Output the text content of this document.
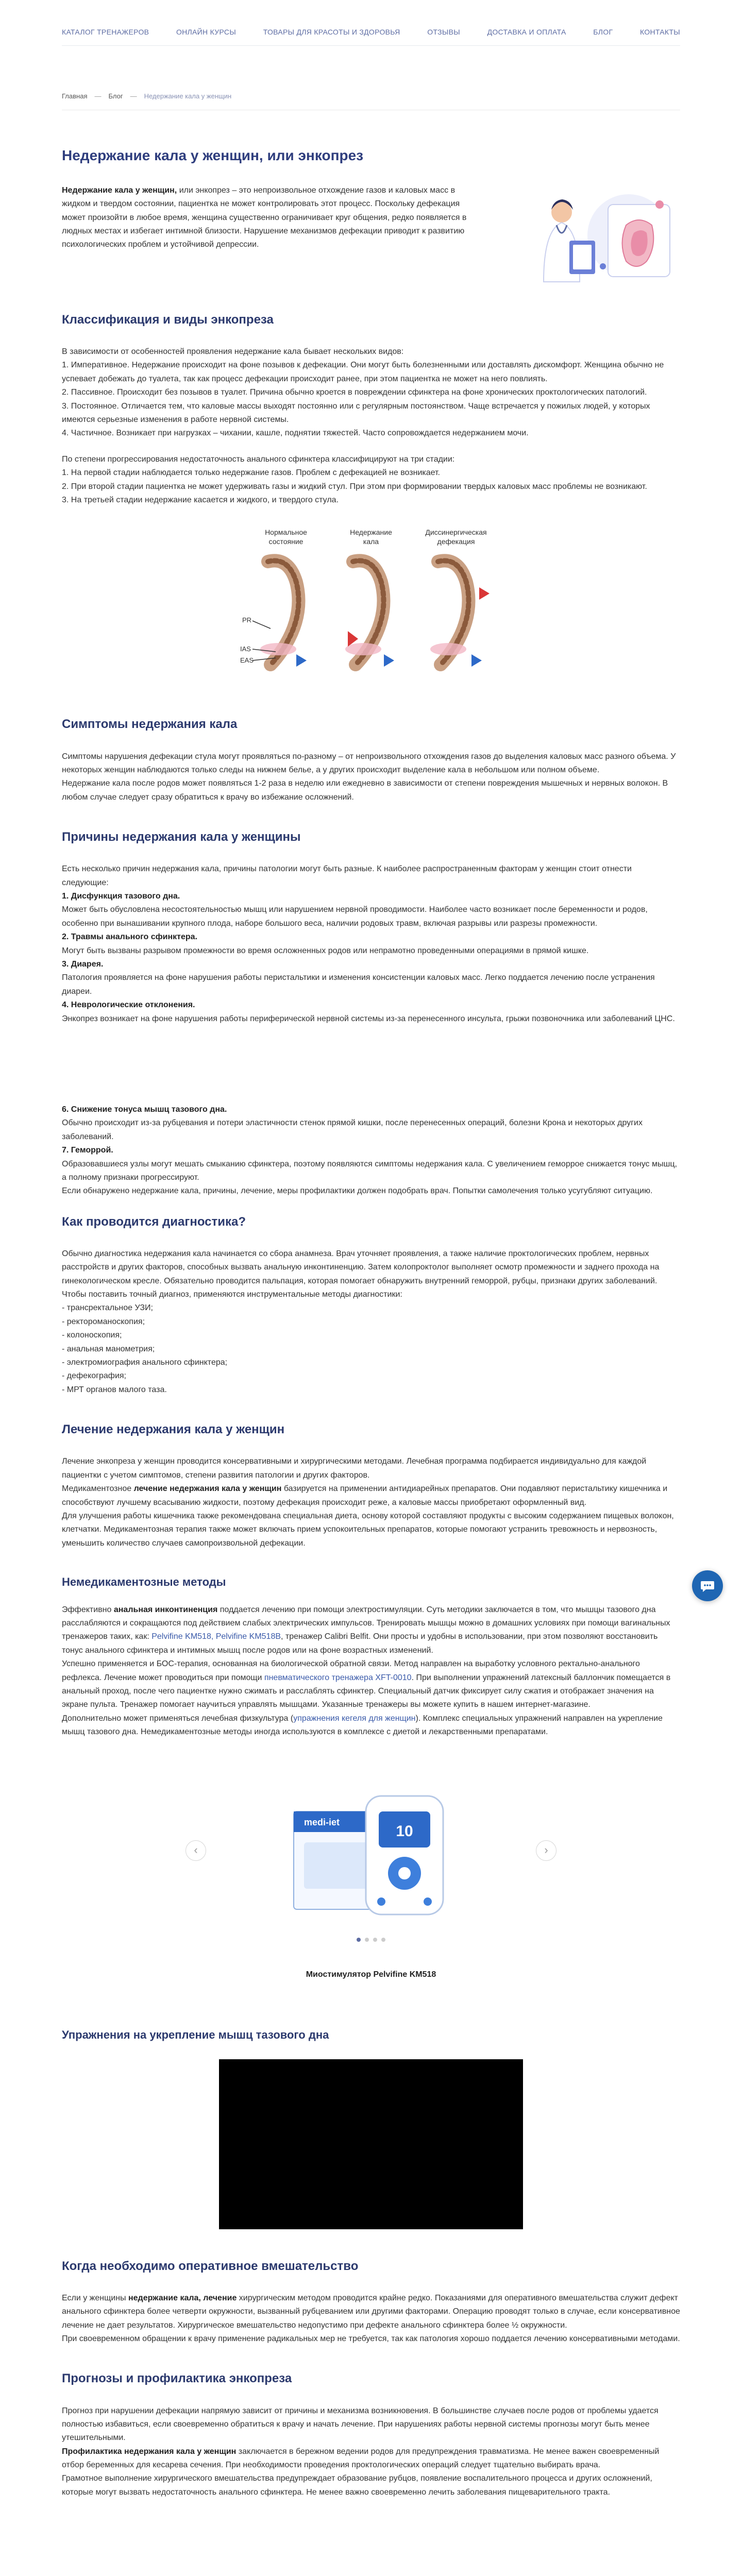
КАТАЛОГ ТРЕНАЖЕРОВ	ОНЛАЙН КУРСЫ	ТОВАРЫ ДЛЯ КРАСОТЫ И ЗДОРОВЬЯ	ОТЗЫВЫ	ДОСТАВКА И ОПЛАТА	БЛОГ	КОНТАКТЫ
Главная — Блог — Недержание кала у женщин
Недержание кала у женщин, или энкопрез

Недержание кала у женщин, или энкопрез – это непроизвольное отхождение газов и каловых масс в жидком и твердом состоянии, пациентка не может контролировать этот процесс. Поскольку дефекация может произойти в любое время, женщина существенно ограничивает круг общения, редко появляется в людных местах и избегает интимной близости. Нарушение механизмов дефекации приводит к развитию психологических проблем и устойчивой депрессии.

Классификация и виды энкопреза

В зависимости от особенностей проявления недержание кала бывает нескольких видов:

1. Императивное. Недержание происходит на фоне позывов к дефекации. Они могут быть болезненными или доставлять дискомфорт. Женщина обычно не успевает добежать до туалета, так как процесс дефекации происходит ранее, при этом пациентка не может на него повлиять.

2. Пассивное. Происходит без позывов в туалет. Причина обычно кроется в повреждении сфинктера на фоне хронических проктологических патологий.

3. Постоянное. Отличается тем, что каловые массы выходят постоянно или с регулярным постоянством. Чаще встречается у пожилых людей, у которых имеются серьезные изменения в работе нервной системы.

4. Частичное. Возникает при нагрузках – чихании, кашле, поднятии тяжестей. Часто сопровождается недержанием мочи.

По степени прогрессирования недостаточность анального сфинктера классифицируют на три стадии:

1. На первой стадии наблюдается только недержание газов. Проблем с дефекацией не возникает.

2. При второй стадии пациентка не может удерживать газы и жидкий стул. При этом при формировании твердых каловых масс проблемы не возникают.

3. На третьей стадии недержание касается и жидкого, и твердого стула.

Нормальное
состояние
Недержание
кала
Диссинергическая
дефекация
PR
IAS
EAS
Симптомы недержания кала

Симптомы нарушения дефекации стула могут проявляться по-разному – от непроизвольного отхождения газов до выделения каловых масс разного объема. У некоторых женщин наблюдаются только следы на нижнем белье, а у других происходит выделение кала в небольшом или полном объеме.

Недержание кала после родов может появляться 1-2 раза в неделю или ежедневно в зависимости от степени повреждения мышечных и нервных волокон. В любом случае следует сразу обратиться к врачу во избежание осложнений.

Причины недержания кала у женщины

Есть несколько причин недержания кала, причины патологии могут быть разные. К наиболее распространенным факторам у женщин стоит отнести следующие:

1. Дисфункция тазового дна.

Может быть обусловлена несостоятельностью мышц или нарушением нервной проводимости. Наиболее часто возникает после беременности и родов, особенно при вынашивании крупного плода, наборе большого веса, наличии родовых травм, включая разрывы или разрезы промежности.

2. Травмы анального сфинктера.

Могут быть вызваны разрывом промежности во время осложненных родов или непрамотно проведенными операциями в прямой кишке.

3. Диарея.

Патология проявляется на фоне нарушения работы перистальтики и изменения консистенции каловых масс. Легко поддается лечению после устранения диареи.

4. Неврологические отклонения.

Энкопрез возникает на фоне нарушения работы периферической нервной системы из-за перенесенного инсульта, грыжи позвоночника или заболеваний ЦНС.

6. Снижение тонуса мышц тазового дна.

Обычно происходит из-за рубцевания и потери эластичности стенок прямой кишки, после перенесенных операций, болезни Крона и некоторых других заболеваний.

7. Геморрой.

Образовавшиеся узлы могут мешать смыканию сфинктера, поэтому появляются симптомы недержания кала. С увеличением геморрое снижается тонус мышц, а полному признаки прогрессируют.

Если обнаружено недержание кала, причины, лечение, меры профилактики должен подобрать врач. Попытки самолечения только усугубляют ситуацию.

Как проводится диагностика?

Обычно диагностика недержания кала начинается со сбора анамнеза. Врач уточняет проявления, а также наличие проктологических проблем, нервных расстройств и других факторов, способных вызвать анальную инконтиненцию. Затем колопроктолог выполняет осмотр промежности и заднего прохода на гинекологическом кресле. Обязательно проводится пальпация, которая помогает обнаружить внутренний геморрой, рубцы, признаки других заболеваний.

Чтобы поставить точный диагноз, применяются инструментальные методы диагностики:

- трансректальное УЗИ;

- ректороманоскопия;

- колоноскопия;

- анальная манометрия;

- электромиография анального сфинктера;

- дефекография;

- МРТ органов малого таза.

Лечение недержания кала у женщин

Лечение энкопреза у женщин проводится консервативными и хирургическими методами. Лечебная программа подбирается индивидуально для каждой пациентки с учетом симптомов, степени развития патологии и других факторов.

Медикаментозное лечение недержания кала у женщин базируется на применении антидиарейных препаратов. Они подавляют перистальтику кишечника и способствуют лучшему всасыванию жидкости, поэтому дефекация происходит реже, а каловые массы приобретают оформленный вид.

Для улучшения работы кишечника также рекомендована специальная диета, основу которой составляют продукты с высоким содержанием пищевых волокон, клетчатки. Медикаментозная терапия также может включать прием успокоительных препаратов, которые помогают устранить тревожность и нервозность, уменьшить количество случаев самопроизвольной дефекации.

Немедикаментозные методы

Эффективно анальная инконтиненция поддается лечению при помощи электростимуляции. Суть методики заключается в том, что мышцы тазового дна расслабляются и сокращаются под действием слабых электрических импульсов. Тренировать мышцы можно в домашних условиях при помощи вагинальных тренажеров таких, как: Pelvifine KM518, Pelvifine KM518B, тренажер Calibri Belfit. Они просты и удобны в использовании, при этом позволяют восстановить тонус анального сфинктера и интимных мышц после родов или на фоне возрастных изменений.

Успешно применяется и БОС-терапия, основанная на биологической обратной связи. Метод направлен на выработку условного ректально-анального рефлекса. Лечение может проводиться при помощи пневматического тренажера XFT-0010. При выполнении упражнений латексный баллончик помещается в анальный проход, после чего пациентке нужно сжимать и расслаблять сфинктер. Специальный датчик фиксирует силу сжатия и отображает значения на экране пульта. Тренажер помогает научиться управлять мышцами. Указанные тренажеры вы можете купить в нашем интернет-магазине.

Дополнительно может применяться лечебная физкультура (упражнения кегеля для женщин). Комплекс специальных упражнений направлен на укрепление мышц тазового дна. Немедикаментозные методы иногда используются в комплексе с диетой и лекарственными препаратами.

‹
medi-iet
10
›

Миостимулятор Pelvifine KM518

Упражнения на укрепление мышц тазового дна
Когда необходимо оперативное вмешательство

Если у женщины недержание кала, лечение хирургическим методом проводится крайне редко. Показаниями для оперативного вмешательства служит дефект анального сфинктера более четверти окружности, вызванный рубцеванием или другими факторами. Операцию проводят только в случае, если консервативное лечение не дает результатов. Хирургическое вмешательство недопустимо при дефекте анального сфинктера более ½ окружности.

При своевременном обращении к врачу применение радикальных мер не требуется, так как патология хорошо поддается лечению консервативными методами.

Прогнозы и профилактика энкопреза

Прогноз при нарушении дефекации напрямую зависит от причины и механизма возникновения. В большинстве случаев после родов от проблемы удается полностью избавиться, если своевременно обратиться к врачу и начать лечение. При нарушениях работы нервной системы прогнозы могут быть менее утешительными.

Профилактика недержания кала у женщин заключается в бережном ведении родов для предупреждения травматизма. Не менее важен своевременный отбор беременных для кесарева сечения. При необходимости проведения проктологических операций следует тщательно выбирать врача.

Грамотное выполнение хирургического вмешательства предупреждает образование рубцов, появление воспалительного процесса и других осложнений, которые могут вызвать недостаточность анального сфинктера. Не менее важно своевременно лечить заболевания пищеварительного тракта.
